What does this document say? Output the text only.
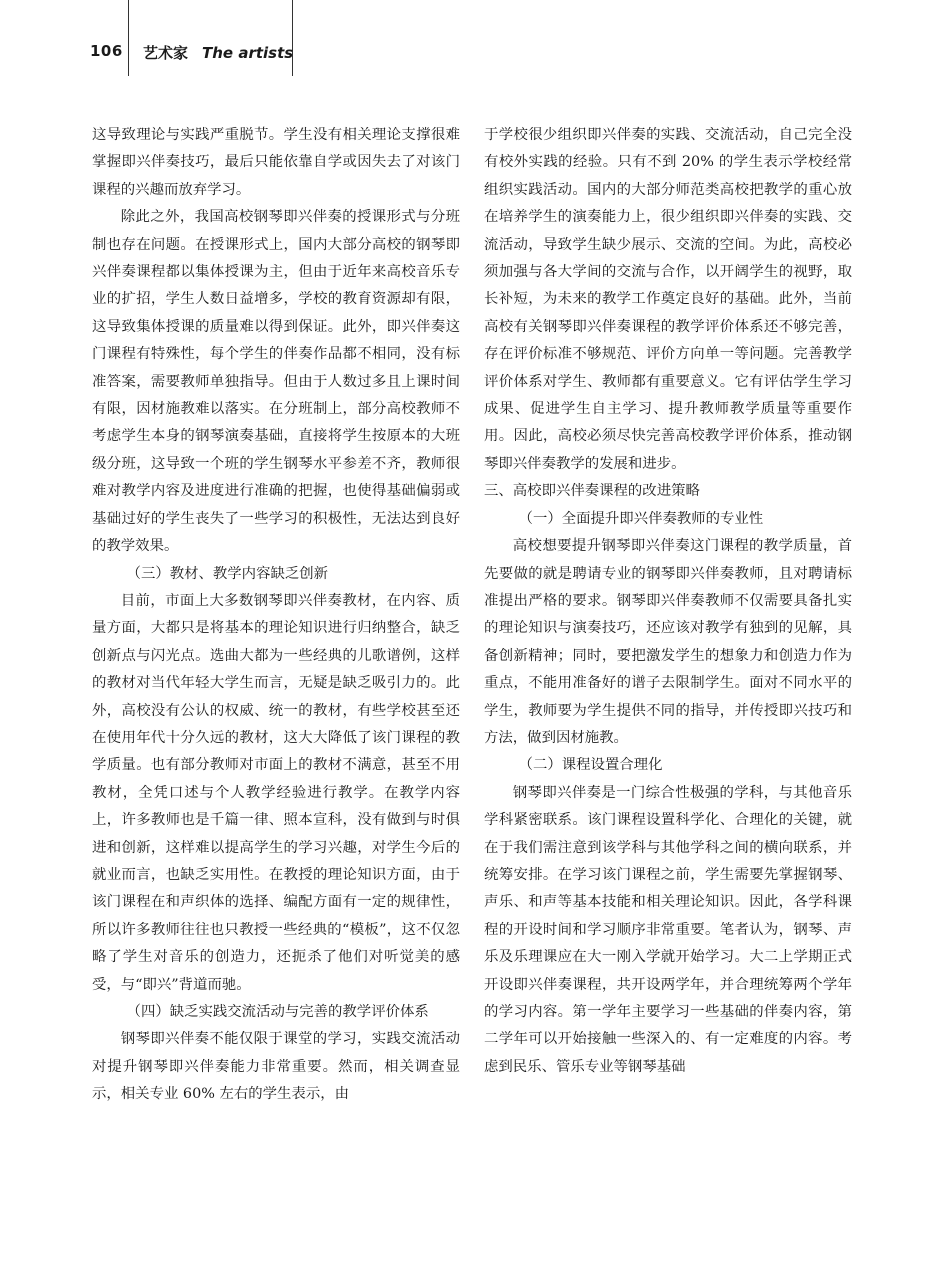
106 艺术家 The artists

这导致理论与实践严重脱节。学生没有相关理论支撑很难掌握即兴伴奏技巧，最后只能依靠自学或因失去了对该门课程的兴趣而放弃学习。

除此之外，我国高校钢琴即兴伴奏的授课形式与分班制也存在问题。在授课形式上，国内大部分高校的钢琴即兴伴奏课程都以集体授课为主，但由于近年来高校音乐专业的扩招，学生人数日益增多，学校的教育资源却有限，这导致集体授课的质量难以得到保证。此外，即兴伴奏这门课程有特殊性，每个学生的伴奏作品都不相同，没有标准答案，需要教师单独指导。但由于人数过多且上课时间有限，因材施教难以落实。在分班制上，部分高校教师不考虑学生本身的钢琴演奏基础，直接将学生按原本的大班级分班，这导致一个班的学生钢琴水平参差不齐，教师很难对教学内容及进度进行准确的把握，也使得基础偏弱或基础过好的学生丧失了一些学习的积极性，无法达到良好的教学效果。

（三）教材、教学内容缺乏创新

目前，市面上大多数钢琴即兴伴奏教材，在内容、质量方面，大都只是将基本的理论知识进行归纳整合，缺乏创新点与闪光点。选曲大都为一些经典的儿歌谱例，这样的教材对当代年轻大学生而言，无疑是缺乏吸引力的。此外，高校没有公认的权威、统一的教材，有些学校甚至还在使用年代十分久远的教材，这大大降低了该门课程的教学质量。也有部分教师对市面上的教材不满意，甚至不用教材，全凭口述与个人教学经验进行教学。在教学内容上，许多教师也是千篇一律、照本宣科，没有做到与时俱进和创新，这样难以提高学生的学习兴趣，对学生今后的就业而言，也缺乏实用性。在教授的理论知识方面，由于该门课程在和声织体的选择、编配方面有一定的规律性，所以许多教师往往也只教授一些经典的“模板”，这不仅忽略了学生对音乐的创造力，还扼杀了他们对听觉美的感受，与“即兴”背道而驰。

（四）缺乏实践交流活动与完善的教学评价体系

钢琴即兴伴奏不能仅限于课堂的学习，实践交流活动对提升钢琴即兴伴奏能力非常重要。然而，相关调查显示，相关专业 60% 左右的学生表示，由

于学校很少组织即兴伴奏的实践、交流活动，自己完全没有校外实践的经验。只有不到 20% 的学生表示学校经常组织实践活动。国内的大部分师范类高校把教学的重心放在培养学生的演奏能力上，很少组织即兴伴奏的实践、交流活动，导致学生缺少展示、交流的空间。为此，高校必须加强与各大学间的交流与合作，以开阔学生的视野，取长补短，为未来的教学工作奠定良好的基础。此外，当前高校有关钢琴即兴伴奏课程的教学评价体系还不够完善，存在评价标准不够规范、评价方向单一等问题。完善教学评价体系对学生、教师都有重要意义。它有评估学生学习成果、促进学生自主学习、提升教师教学质量等重要作用。因此，高校必须尽快完善高校教学评价体系，推动钢琴即兴伴奏教学的发展和进步。

三、高校即兴伴奏课程的改进策略
（一）全面提升即兴伴奏教师的专业性

高校想要提升钢琴即兴伴奏这门课程的教学质量，首先要做的就是聘请专业的钢琴即兴伴奏教师，且对聘请标准提出严格的要求。钢琴即兴伴奏教师不仅需要具备扎实的理论知识与演奏技巧，还应该对教学有独到的见解，具备创新精神；同时，要把激发学生的想象力和创造力作为重点，不能用准备好的谱子去限制学生。面对不同水平的学生，教师要为学生提供不同的指导，并传授即兴技巧和方法，做到因材施教。

（二）课程设置合理化

钢琴即兴伴奏是一门综合性极强的学科，与其他音乐学科紧密联系。该门课程设置科学化、合理化的关键，就在于我们需注意到该学科与其他学科之间的横向联系，并统筹安排。在学习该门课程之前，学生需要先掌握钢琴、声乐、和声等基本技能和相关理论知识。因此，各学科课程的开设时间和学习顺序非常重要。笔者认为，钢琴、声乐及乐理课应在大一刚入学就开始学习。大二上学期正式开设即兴伴奏课程，共开设两学年，并合理统筹两个学年的学习内容。第一学年主要学习一些基础的伴奏内容，第二学年可以开始接触一些深入的、有一定难度的内容。考虑到民乐、管乐专业等钢琴基础
